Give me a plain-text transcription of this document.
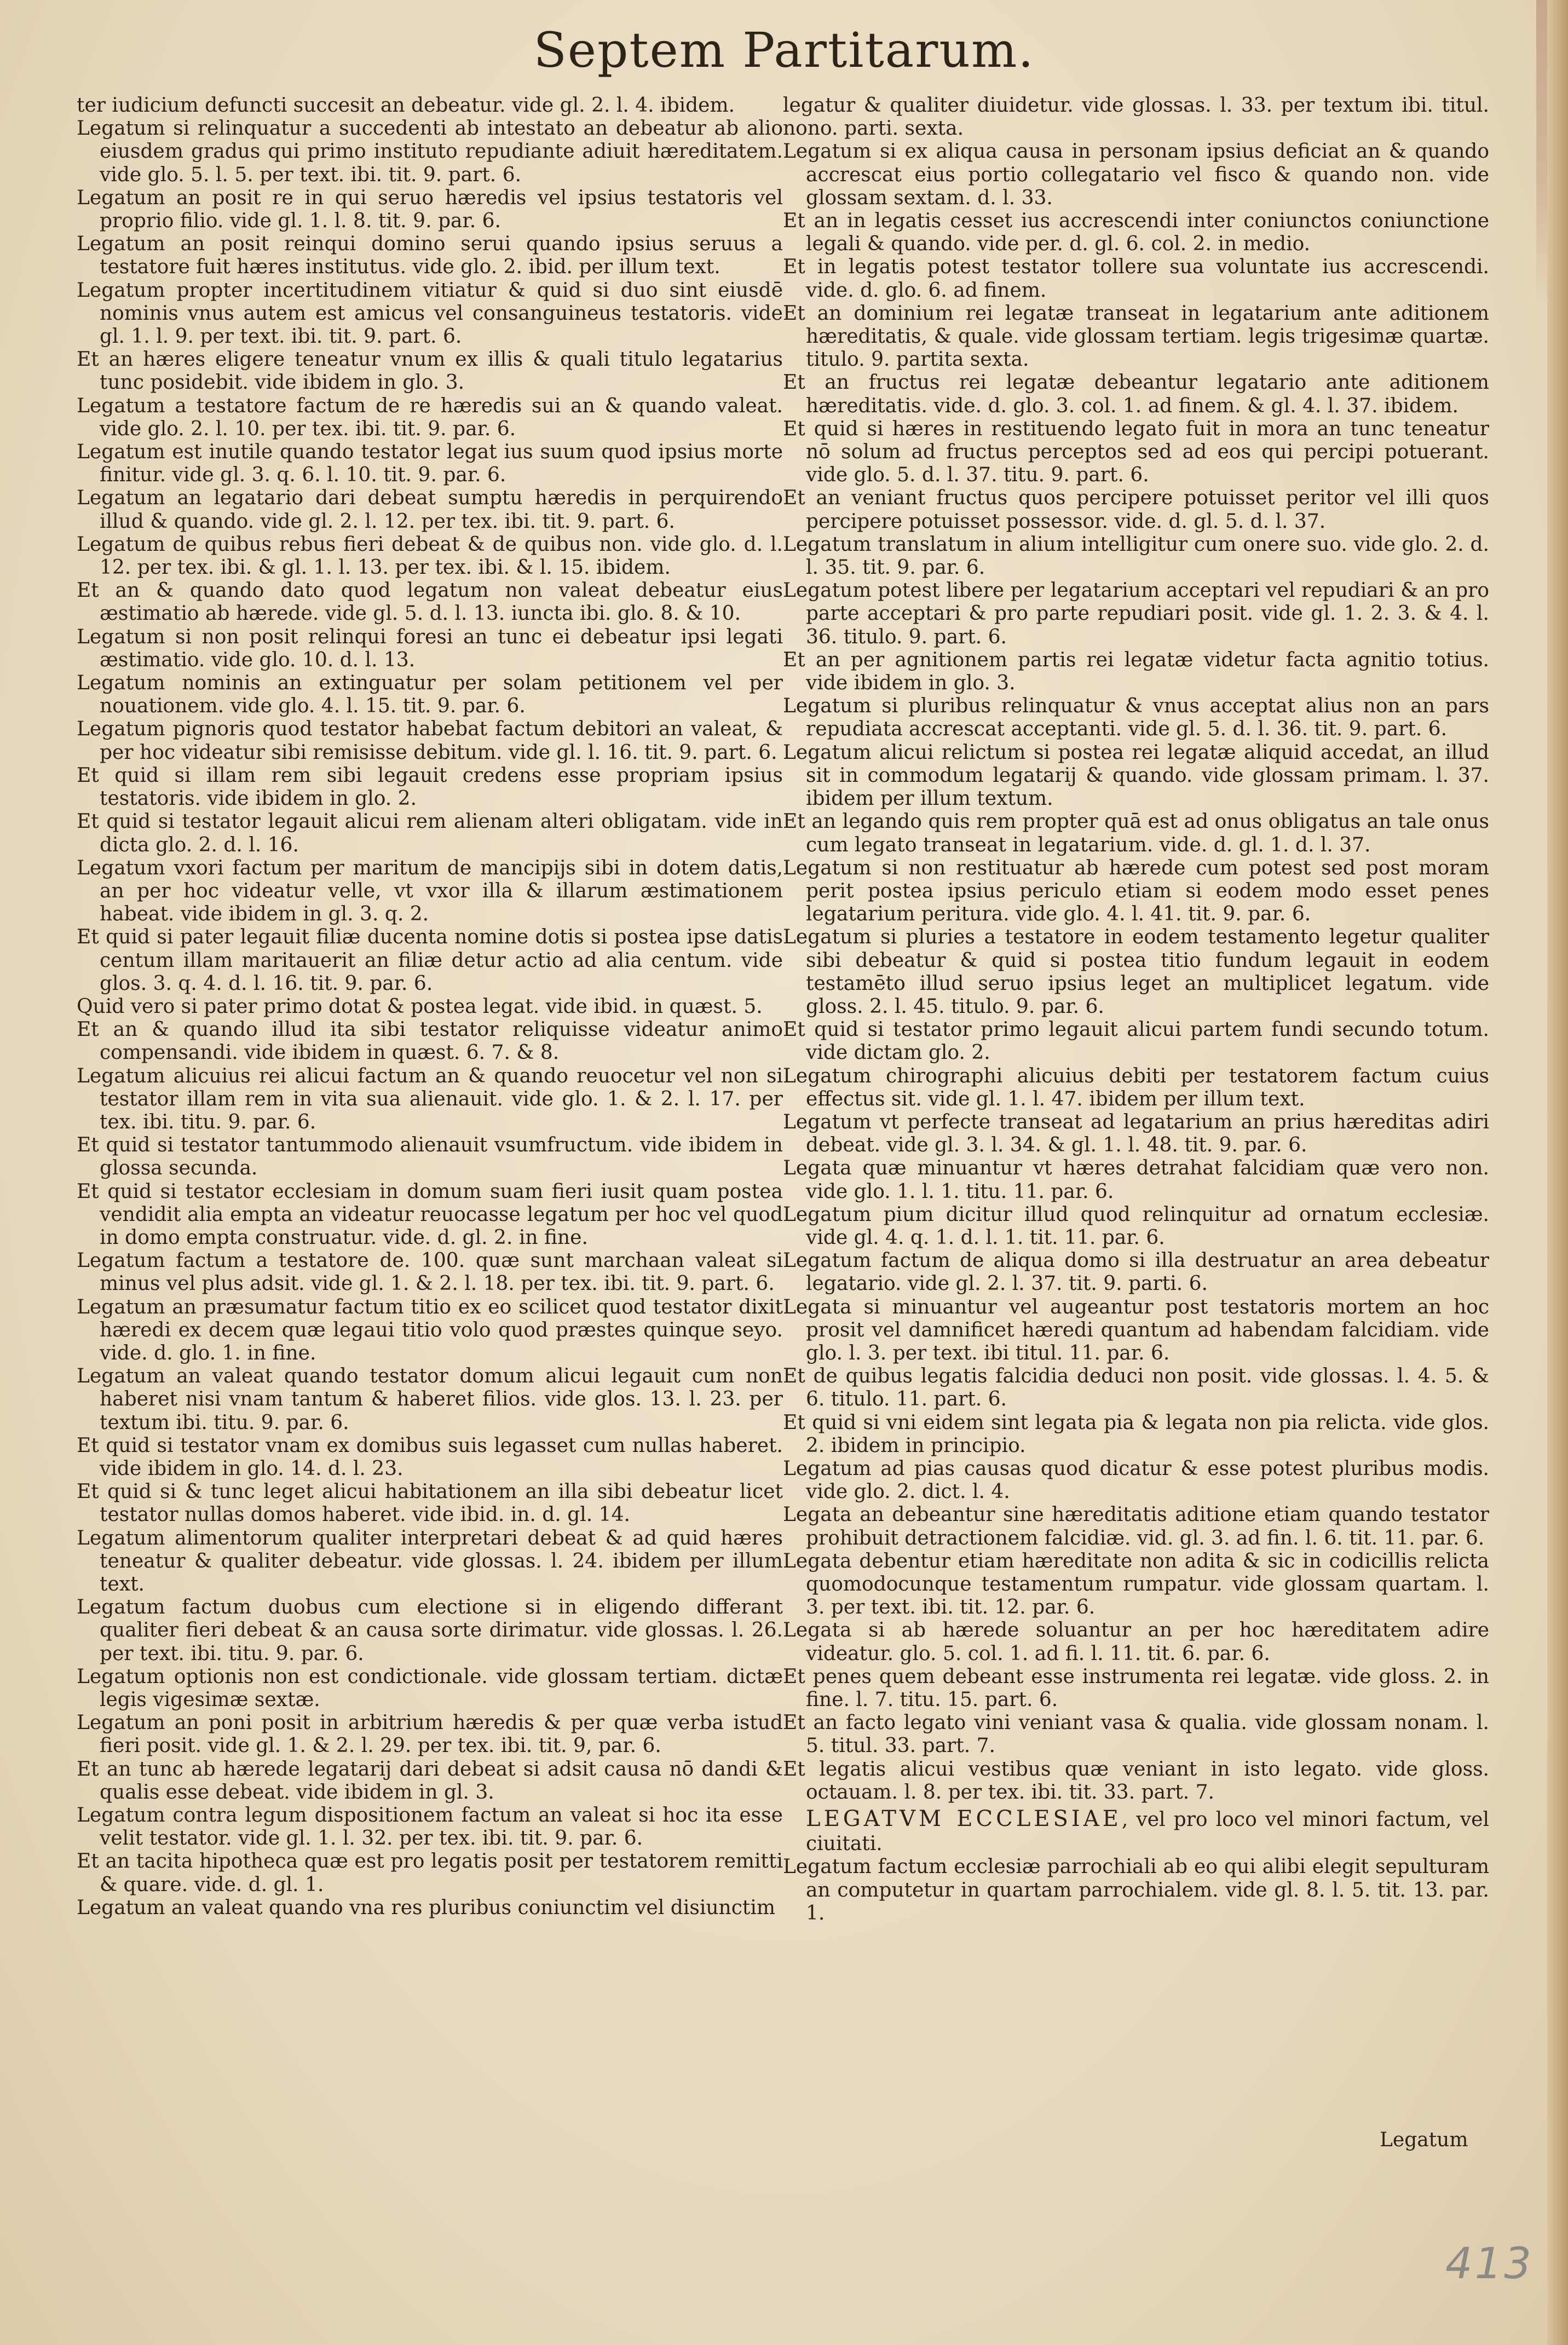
Septem Partitarum.

ter iudicium defuncti succesit an debeatur. vide gl. 2. l. 4. ibidem.

Legatum si relinquatur a succedenti ab intestato an debeatur ab alio eiusdem gradus qui primo instituto repudiante adiuit hæreditatem. vide glo. 5. l. 5. per text. ibi. tit. 9. part. 6.

Legatum an posit re in qui seruo hæredis vel ipsius testatoris vel proprio filio. vide gl. 1. l. 8. tit. 9. par. 6.

Legatum an posit reinqui domino serui quando ipsius seruus a testatore fuit hæres institutus. vide glo. 2. ibid. per illum text.

Legatum propter incertitudinem vitiatur & quid si duo sint eiusdē nominis vnus autem est amicus vel consanguineus testatoris. vide gl. 1. l. 9. per text. ibi. tit. 9. part. 6.

Et an hæres eligere teneatur vnum ex illis & quali titulo legatarius tunc posidebit. vide ibidem in glo. 3.

Legatum a testatore factum de re hæredis sui an & quando valeat. vide glo. 2. l. 10. per tex. ibi. tit. 9. par. 6.

Legatum est inutile quando testator legat ius suum quod ipsius morte finitur. vide gl. 3. q. 6. l. 10. tit. 9. par. 6.

Legatum an legatario dari debeat sumptu hæredis in perquirendo illud & quando. vide gl. 2. l. 12. per tex. ibi. tit. 9. part. 6.

Legatum de quibus rebus fieri debeat & de quibus non. vide glo. d. l. 12. per tex. ibi. & gl. 1. l. 13. per tex. ibi. & l. 15. ibidem.

Et an & quando dato quod legatum non valeat debeatur eius æstimatio ab hærede. vide gl. 5. d. l. 13. iuncta ibi. glo. 8. & 10.

Legatum si non posit relinqui foresi an tunc ei debeatur ipsi legati æstimatio. vide glo. 10. d. l. 13.

Legatum nominis an extinguatur per solam petitionem vel per nouationem. vide glo. 4. l. 15. tit. 9. par. 6.

Legatum pignoris quod testator habebat factum debitori an valeat, & per hoc videatur sibi remisisse debitum. vide gl. l. 16. tit. 9. part. 6.

Et quid si illam rem sibi legauit credens esse propriam ipsius testatoris. vide ibidem in glo. 2.

Et quid si testator legauit alicui rem alienam alteri obligatam. vide in dicta glo. 2. d. l. 16.

Legatum vxori factum per maritum de mancipijs sibi in dotem datis, an per hoc videatur velle, vt vxor illa & illarum æstimationem habeat. vide ibidem in gl. 3. q. 2.

Et quid si pater legauit filiæ ducenta nomine dotis si postea ipse datis centum illam maritauerit an filiæ detur actio ad alia centum. vide glos. 3. q. 4. d. l. 16. tit. 9. par. 6.

Quid vero si pater primo dotat & postea legat. vide ibid. in quæst. 5.

Et an & quando illud ita sibi testator reliquisse videatur animo compensandi. vide ibidem in quæst. 6. 7. & 8.

Legatum alicuius rei alicui factum an & quando reuocetur vel non si testator illam rem in vita sua alienauit. vide glo. 1. & 2. l. 17. per tex. ibi. titu. 9. par. 6.

Et quid si testator tantummodo alienauit vsumfructum. vide ibidem in glossa secunda.

Et quid si testator ecclesiam in domum suam fieri iusit quam postea vendidit alia empta an videatur reuocasse legatum per hoc vel quod in domo empta construatur. vide. d. gl. 2. in fine.

Legatum factum a testatore de. 100. quæ sunt marchaan valeat si minus vel plus adsit. vide gl. 1. & 2. l. 18. per tex. ibi. tit. 9. part. 6.

Legatum an præsumatur factum titio ex eo scilicet quod testator dixit hæredi ex decem quæ legaui titio volo quod præstes quinque seyo. vide. d. glo. 1. in fine.

Legatum an valeat quando testator domum alicui legauit cum non haberet nisi vnam tantum & haberet filios. vide glos. 13. l. 23. per textum ibi. titu. 9. par. 6.

Et quid si testator vnam ex domibus suis legasset cum nullas haberet. vide ibidem in glo. 14. d. l. 23.

Et quid si & tunc leget alicui habitationem an illa sibi debeatur licet testator nullas domos haberet. vide ibid. in. d. gl. 14.

Legatum alimentorum qualiter interpretari debeat & ad quid hæres teneatur & qualiter debeatur. vide glossas. l. 24. ibidem per illum text.

Legatum factum duobus cum electione si in eligendo differant qualiter fieri debeat & an causa sorte dirimatur. vide glossas. l. 26. per text. ibi. titu. 9. par. 6.

Legatum optionis non est condictionale. vide glossam tertiam. dictæ legis vigesimæ sextæ.

Legatum an poni posit in arbitrium hæredis & per quæ verba istud fieri posit. vide gl. 1. & 2. l. 29. per tex. ibi. tit. 9, par. 6.

Et an tunc ab hærede legatarij dari debeat si adsit causa nō dandi & qualis esse debeat. vide ibidem in gl. 3.

Legatum contra legum dispositionem factum an valeat si hoc ita esse velit testator. vide gl. 1. l. 32. per tex. ibi. tit. 9. par. 6.

Et an tacita hipotheca quæ est pro legatis posit per testatorem remitti & quare. vide. d. gl. 1.

Legatum an valeat quando vna res pluribus coniunctim vel disiunctim

legatur & qualiter diuidetur. vide glossas. l. 33. per textum ibi. titul. nono. parti. sexta.

Legatum si ex aliqua causa in personam ipsius deficiat an & quando accrescat eius portio collegatario vel fisco & quando non. vide glossam sextam. d. l. 33.

Et an in legatis cesset ius accrescendi inter coniunctos coniunctione legali & quando. vide per. d. gl. 6. col. 2. in medio.

Et in legatis potest testator tollere sua voluntate ius accrescendi. vide. d. glo. 6. ad finem.

Et an dominium rei legatæ transeat in legatarium ante aditionem hæreditatis, & quale. vide glossam tertiam. legis trigesimæ quartæ. titulo. 9. partita sexta.

Et an fructus rei legatæ debeantur legatario ante aditionem hæreditatis. vide. d. glo. 3. col. 1. ad finem. & gl. 4. l. 37. ibidem.

Et quid si hæres in restituendo legato fuit in mora an tunc teneatur nō solum ad fructus perceptos sed ad eos qui percipi potuerant. vide glo. 5. d. l. 37. titu. 9. part. 6.

Et an veniant fructus quos percipere potuisset peritor vel illi quos percipere potuisset possessor. vide. d. gl. 5. d. l. 37.

Legatum translatum in alium intelligitur cum onere suo. vide glo. 2. d. l. 35. tit. 9. par. 6.

Legatum potest libere per legatarium acceptari vel repudiari & an pro parte acceptari & pro parte repudiari posit. vide gl. 1. 2. 3. & 4. l. 36. titulo. 9. part. 6.

Et an per agnitionem partis rei legatæ videtur facta agnitio totius. vide ibidem in glo. 3.

Legatum si pluribus relinquatur & vnus acceptat alius non an pars repudiata accrescat acceptanti. vide gl. 5. d. l. 36. tit. 9. part. 6.

Legatum alicui relictum si postea rei legatæ aliquid accedat, an illud sit in commodum legatarij & quando. vide glossam primam. l. 37. ibidem per illum textum.

Et an legando quis rem propter quā est ad onus obligatus an tale onus cum legato transeat in legatarium. vide. d. gl. 1. d. l. 37.

Legatum si non restituatur ab hærede cum potest sed post moram perit postea ipsius periculo etiam si eodem modo esset penes legatarium peritura. vide glo. 4. l. 41. tit. 9. par. 6.

Legatum si pluries a testatore in eodem testamento legetur qualiter sibi debeatur & quid si postea titio fundum legauit in eodem testamēto illud seruo ipsius leget an multiplicet legatum. vide gloss. 2. l. 45. titulo. 9. par. 6.

Et quid si testator primo legauit alicui partem fundi secundo totum. vide dictam glo. 2.

Legatum chirographi alicuius debiti per testatorem factum cuius effectus sit. vide gl. 1. l. 47. ibidem per illum text.

Legatum vt perfecte transeat ad legatarium an prius hæreditas adiri debeat. vide gl. 3. l. 34. & gl. 1. l. 48. tit. 9. par. 6.

Legata quæ minuantur vt hæres detrahat falcidiam quæ vero non. vide glo. 1. l. 1. titu. 11. par. 6.

Legatum pium dicitur illud quod relinquitur ad ornatum ecclesiæ. vide gl. 4. q. 1. d. l. 1. tit. 11. par. 6.

Legatum factum de aliqua domo si illa destruatur an area debeatur legatario. vide gl. 2. l. 37. tit. 9. parti. 6.

Legata si minuantur vel augeantur post testatoris mortem an hoc prosit vel damnificet hæredi quantum ad habendam falcidiam. vide glo. l. 3. per text. ibi titul. 11. par. 6.

Et de quibus legatis falcidia deduci non posit. vide glossas. l. 4. 5. & 6. titulo. 11. part. 6.

Et quid si vni eidem sint legata pia & legata non pia relicta. vide glos. 2. ibidem in principio.

Legatum ad pias causas quod dicatur & esse potest pluribus modis. vide glo. 2. dict. l. 4.

Legata an debeantur sine hæreditatis aditione etiam quando testator prohibuit detractionem falcidiæ. vid. gl. 3. ad fin. l. 6. tit. 11. par. 6.

Legata debentur etiam hæreditate non adita & sic in codicillis relicta quomodocunque testamentum rumpatur. vide glossam quartam. l. 3. per text. ibi. tit. 12. par. 6.

Legata si ab hærede soluantur an per hoc hæreditatem adire videatur. glo. 5. col. 1. ad fi. l. 11. tit. 6. par. 6.

Et penes quem debeant esse instrumenta rei legatæ. vide gloss. 2. in fine. l. 7. titu. 15. part. 6.

Et an facto legato vini veniant vasa & qualia. vide glossam nonam. l. 5. titul. 33. part. 7.

Et legatis alicui vestibus quæ veniant in isto legato. vide gloss. octauam. l. 8. per tex. ibi. tit. 33. part. 7.

LEGATVM ECCLESIAE, vel pro loco vel minori factum, vel ciuitati.

Legatum factum ecclesiæ parrochiali ab eo qui alibi elegit sepulturam an computetur in quartam parrochialem. vide gl. 8. l. 5. tit. 13. par. 1.

Legatum
413
